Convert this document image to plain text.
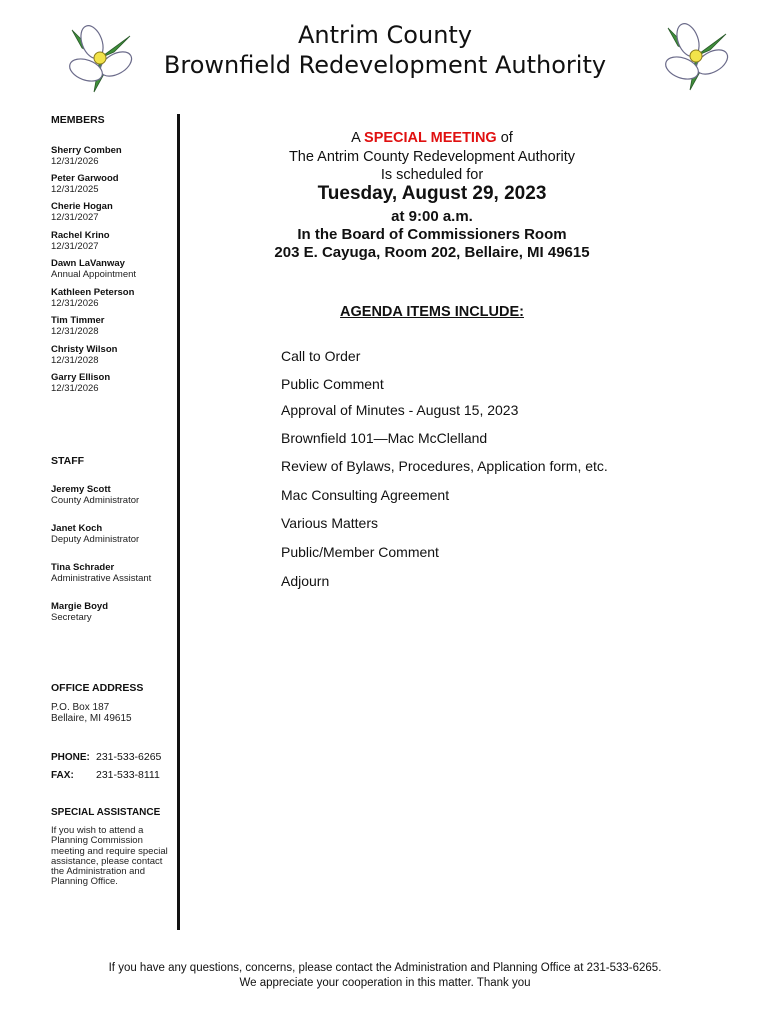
Antrim County
Brownfield Redevelopment Authority
MEMBERS
Sherry Comben
12/31/2026
Peter Garwood
12/31/2025
Cherie Hogan
12/31/2027
Rachel Krino
12/31/2027
Dawn LaVanway
Annual Appointment
Kathleen Peterson
12/31/2026
Tim Timmer
12/31/2028
Christy Wilson
12/31/2028
Garry Ellison
12/31/2026
STAFF
Jeremy Scott
County Administrator
Janet Koch
Deputy Administrator
Tina Schrader
Administrative Assistant
Margie Boyd
Secretary
OFFICE ADDRESS
P.O. Box 187
Bellaire, MI 49615
PHONE: 231-533-6265
FAX: 231-533-8111
SPECIAL ASSISTANCE
If you wish to attend a Planning Commission meeting and require special assistance, please contact the Administration and Planning Office.
A SPECIAL MEETING of
The Antrim County Redevelopment Authority
Is scheduled for
Tuesday, August 29, 2023
at 9:00 a.m.
In the Board of Commissioners Room
203 E. Cayuga, Room 202, Bellaire, MI 49615
AGENDA ITEMS INCLUDE:
Call to Order
Public Comment
Approval of Minutes - August 15, 2023
Brownfield 101—Mac McClelland
Review of Bylaws, Procedures, Application form, etc.
Mac Consulting Agreement
Various Matters
Public/Member Comment
Adjourn
If you have any questions, concerns, please contact the Administration and Planning Office at 231-533-6265.
We appreciate your cooperation in this matter. Thank you
